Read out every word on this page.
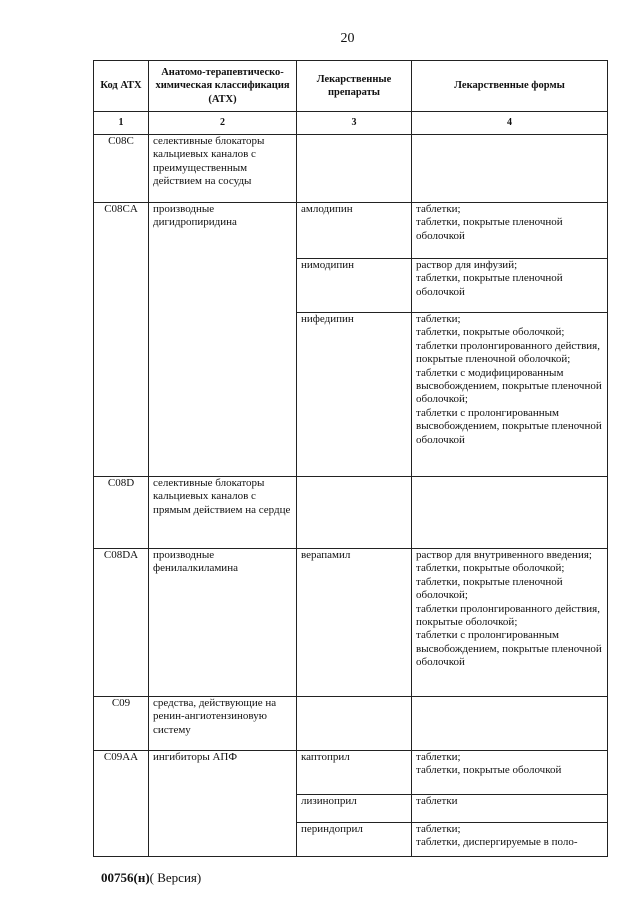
20
Код АТХ	Анатомо-терапевтическо-химическая классификация (АТХ)	Лекарственные препараты	Лекарственные формы
1	2	3	4
C08C	селективные блокаторы кальциевых каналов с преимущественным действием на сосуды		
C08CA	производные дигидропиридина	амлодипин	таблетки;
таблетки, покрытые пленочной оболочкой
		нимодипин	раствор для инфузий;
таблетки, покрытые пленочной оболочкой
		нифедипин	таблетки;
таблетки, покрытые оболочкой;
таблетки пролонгированного действия, покрытые пленочной оболочкой;
таблетки с модифицированным высвобождением, покрытые пленочной оболочкой;
таблетки с пролонгированным высвобождением, покрытые пленочной оболочкой
C08D	селективные блокаторы кальциевых каналов с прямым действием на сердце		
C08DA	производные фенилалкиламина	верапамил	раствор для внутривенного введения;
таблетки, покрытые оболочкой;
таблетки, покрытые пленочной оболочкой;
таблетки пролонгированного действия, покрытые оболочкой;
таблетки с пролонгированным высвобождением, покрытые пленочной оболочкой
C09	средства, действующие на ренин-ангиотензиновую систему		
C09AA	ингибиторы АПФ	каптоприл	таблетки;
таблетки, покрытые оболочкой
		лизиноприл	таблетки
		периндоприл	таблетки;
таблетки, диспергируемые в поло-
00756(н)( Версия)
